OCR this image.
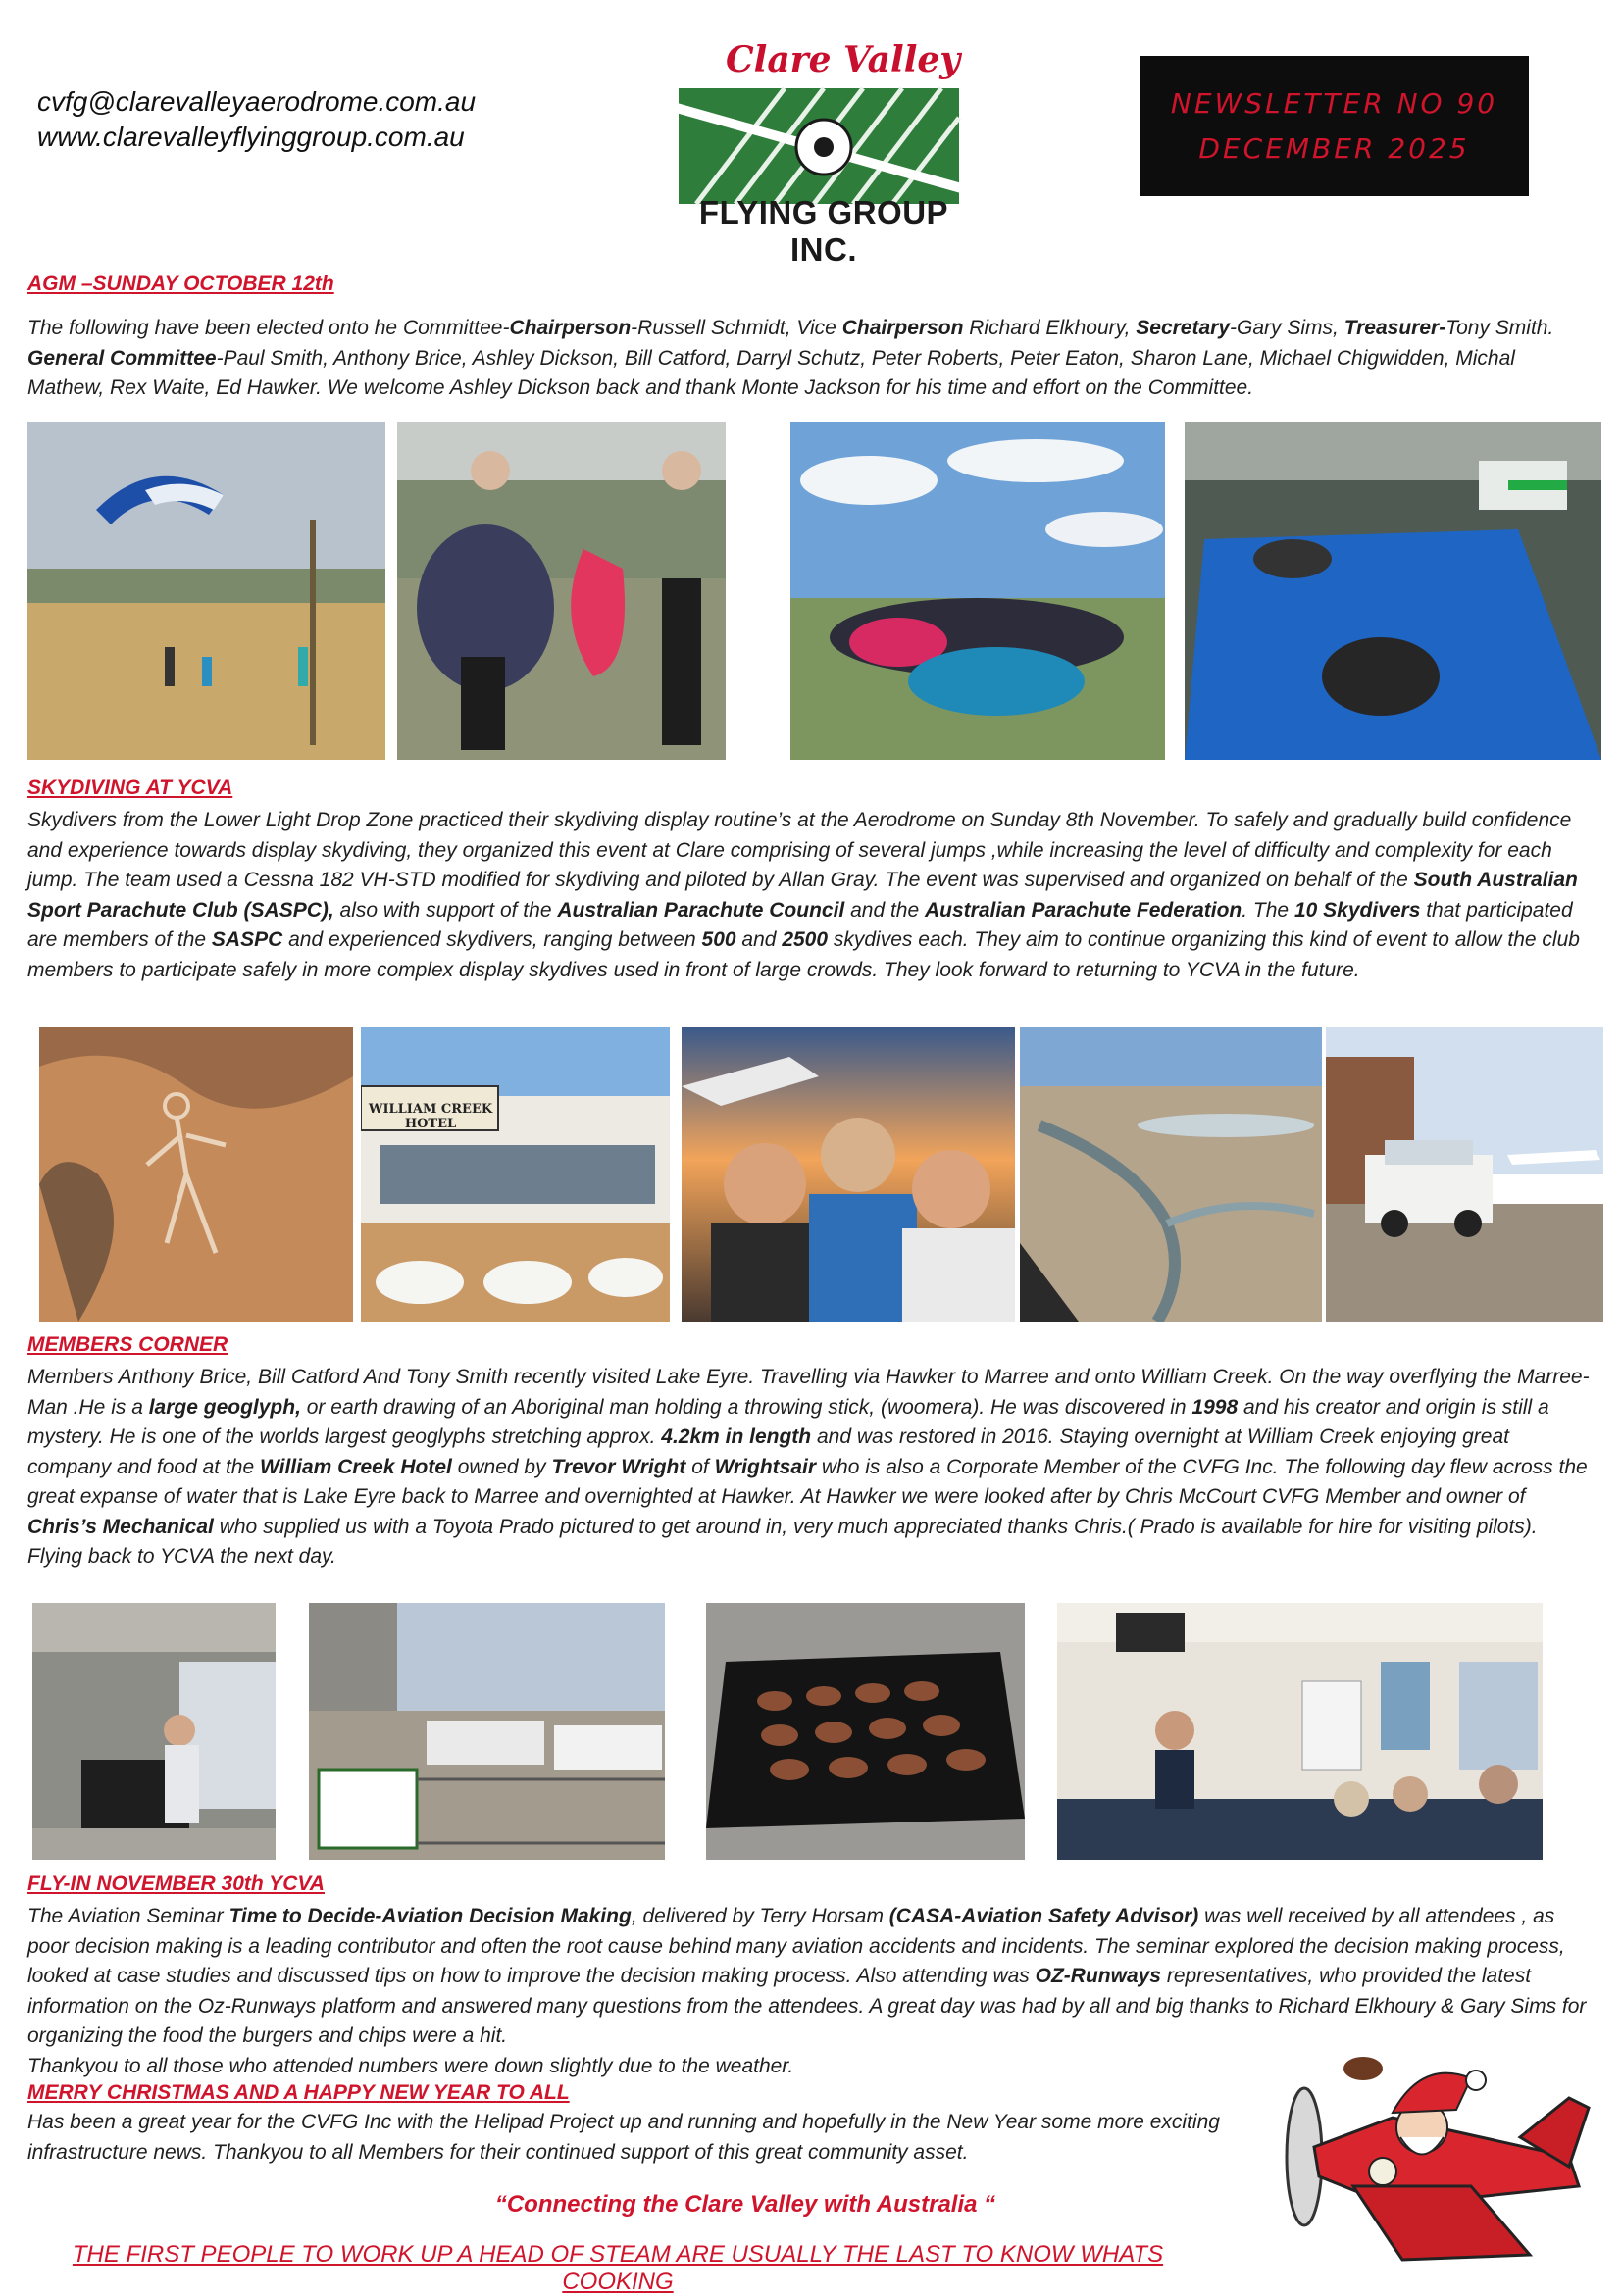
cvfg@clarevalleyaerodrome.com.au
www.clarevalleyflyinggroup.com.au
Clare Valley
FLYING GROUP INC.
NEWSLETTER NO 90
DECEMBER 2025
AGM –SUNDAY OCTOBER 12th
The following have been elected onto he Committee-Chairperson-Russell Schmidt, Vice Chairperson Richard Elkhoury, Secretary-Gary Sims, Treasurer-Tony Smith. General Committee-Paul Smith, Anthony Brice, Ashley Dickson, Bill Catford, Darryl Schutz, Peter Roberts, Peter Eaton, Sharon Lane, Michael Chigwidden, Michal Mathew, Rex Waite, Ed Hawker. We welcome Ashley Dickson back and thank Monte Jackson for his time and effort on the Committee.
SKYDIVING AT YCVA
Skydivers from the Lower Light Drop Zone practiced their skydiving display routine’s at the Aerodrome on Sunday 8th November. To safely and gradually build confidence and experience towards display skydiving, they organized this event at Clare comprising of several jumps ,while increasing the level of difficulty and complexity for each jump. The team used a Cessna 182 VH-STD modified for skydiving and piloted by Allan Gray. The event was supervised and organized on behalf of the South Australian Sport Parachute Club (SASPC), also with support of the Australian Parachute Council and the Australian Parachute Federation. The 10 Skydivers that participated are members of the SASPC and experienced skydivers, ranging between 500 and 2500 skydives each. They aim to continue organizing this kind of event to allow the club members to participate safely in more complex display skydives used in front of large crowds. They look forward to returning to YCVA in the future.
WILLIAM CREEK HOTEL
MEMBERS CORNER
Members Anthony Brice, Bill Catford And Tony Smith recently visited Lake Eyre. Travelling via Hawker to Marree and onto William Creek. On the way overflying the Marree-Man .He is a large geoglyph, or earth drawing of an Aboriginal man holding a throwing stick, (woomera). He was discovered in 1998 and his creator and origin is still a mystery. He is one of the worlds largest geoglyphs stretching approx. 4.2km in length and was restored in 2016. Staying overnight at William Creek enjoying great company and food at the William Creek Hotel owned by Trevor Wright of Wrightsair who is also a Corporate Member of the CVFG Inc. The following day flew across the great expanse of water that is Lake Eyre back to Marree and overnighted at Hawker. At Hawker we were looked after by Chris McCourt CVFG Member and owner of Chris’s Mechanical who supplied us with a Toyota Prado pictured to get around in, very much appreciated thanks Chris.( Prado is available for hire for visiting pilots). Flying back to YCVA the next day.
FLY-IN NOVEMBER 30th YCVA
The Aviation Seminar Time to Decide-Aviation Decision Making, delivered by Terry Horsam (CASA-Aviation Safety Advisor) was well received by all attendees , as poor decision making is a leading contributor and often the root cause behind many aviation accidents and incidents. The seminar explored the decision making process, looked at case studies and discussed tips on how to improve the decision making process. Also attending was OZ-Runways representatives, who provided the latest information on the Oz-Runways platform and answered many questions from the attendees. A great day was had by all and big thanks to Richard Elkhoury & Gary Sims for organizing the food the burgers and chips were a hit.
Thankyou to all those who attended numbers were down slightly due to the weather.
MERRY CHRISTMAS AND A HAPPY NEW YEAR TO ALL
Has been a great year for the CVFG Inc with the Helipad Project up and running and hopefully in the New Year some more exciting infrastructure news. Thankyou to all Members for their continued support of this great community asset.
“Connecting the Clare Valley with Australia “
THE FIRST PEOPLE TO WORK UP A HEAD OF STEAM ARE USUALLY THE LAST TO KNOW WHATS COOKING
